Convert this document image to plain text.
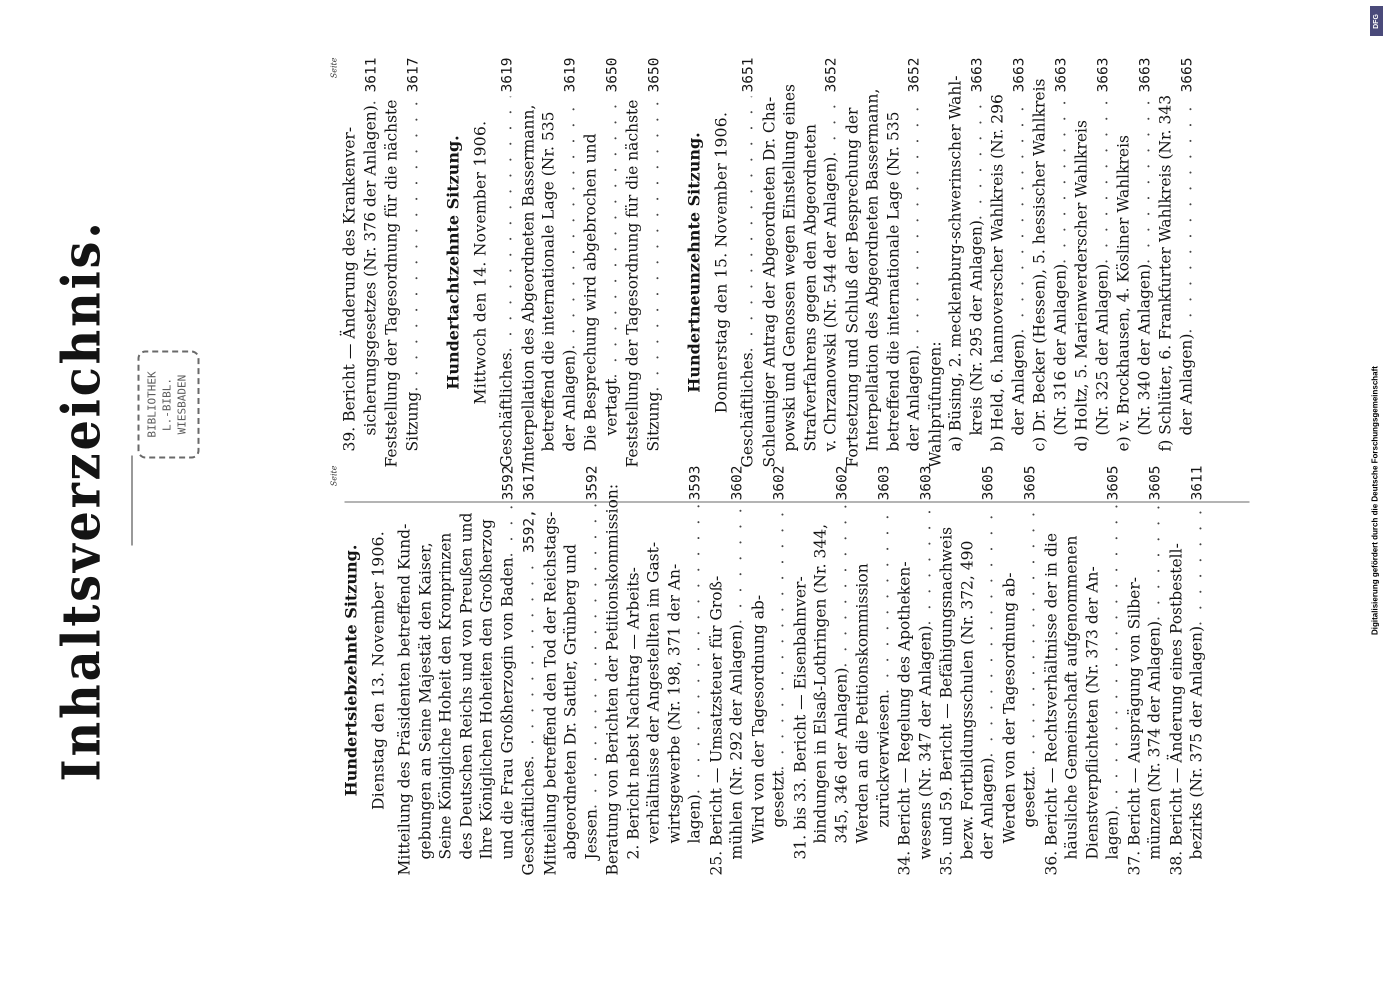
Inhaltsverzeichnis.	BIBLIOTHEK L.-BIBL. WIESBADEN
Seite
Hundertsiebzehnte Sitzung. Dienstag den 13. November 1906. Mitteilung des Präsidenten betreffend Kund- gebungen an Seine Majestät den Kaiser, Seine Königliche Hoheit den Kronprinzen des Deutschen Reichs und von Preußen und Ihre Königlichen Hoheiten den Großherzog und die Frau Großherzogin von Baden
. . .
3592
Geschäftliches
. . .
3592, 3617
Mitteilung betreffend den Tod der Reichstags- abgeordneten Dr. Sattler, Grünberg und Jessen
. . .
3592
Beratung von Berichten der Petitionskommission: 2. Bericht nebst Nachtrag — Arbeits- verhältnisse der Angestellten im Gast- wirtsgewerbe (Nr. 198, 371 der An- lagen)
. . .
3593
25. Bericht — Umsatzsteuer für Groß- mühlen (Nr. 292 der Anlagen)
. . .
3602
Wird von der Tagesordnung ab- gesetzt
. . .
3602
31. bis 33. Bericht — Eisenbahnver- bindungen in Elsaß-Lothringen (Nr. 344, 345, 346 der Anlagen)
. . .
3602
Werden an die Petitionskommission zurückverwiesen
. . .
3603
34. Bericht — Regelung des Apotheken- wesens (Nr. 347 der Anlagen)
. . .
3603
35. und 59. Bericht — Befähigungsnachweis bezw. Fortbildungsschulen (Nr. 372, 490 der Anlagen)
. . .
3605
Werden von der Tagesordnung ab- gesetzt
. . .
3605
36. Bericht — Rechtsverhältnisse der in die häusliche Gemeinschaft aufgenommenen Dienstverpflichteten (Nr. 373 der An- lagen)
. . .
3605
37. Bericht — Ausprägung von Silber- münzen (Nr. 374 der Anlagen)
. . .
3605
38. Bericht — Änderung eines Postbestell- bezirks (Nr. 375 der Anlagen)
. . .
3611
Seite
39. Bericht — Änderung des Krankenver- sicherungsgesetzes (Nr. 376 der Anlagen)
. . .
3611
Feststellung der Tagesordnung für die nächste Sitzung
. . .
3617
Hundertachtzehnte Sitzung. Mittwoch den 14. November 1906.
Geschäftliches
. . .
3619
Interpellation des Abgeordneten Bassermann, betreffend die internationale Lage (Nr. 535 der Anlagen)
. . .
3619
Die Besprechung wird abgebrochen und vertagt
. . .
3650
Feststellung der Tagesordnung für die nächste Sitzung
. . .
3650
Hundertneunzehnte Sitzung. Donnerstag den 15. November 1906. Geschäftliches
. . .
3651
Schleuniger Antrag der Abgeordneten Dr. Cha- powski und Genossen wegen Einstellung eines Strafverfahrens gegen den Abgeordneten v. Chrzanowski (Nr. 544 der Anlagen)
. . .
3652
Fortsetzung und Schluß der Besprechung der Interpellation des Abgeordneten Bassermann, betreffend die internationale Lage (Nr. 535 der Anlagen)
. . .
3652
Wahlprüfungen: a) Büsing, 2. mecklenburg-schwerinscher Wahl- kreis (Nr. 295 der Anlagen)
. . .
3663
b) Held, 6. hannoverscher Wahlkreis (Nr. 296 der Anlagen)
. . .
3663
c) Dr. Becker (Hessen), 5. hessischer Wahlkreis (Nr. 316 der Anlagen)
. . .
3663
d) Holtz, 5. Marienwerderscher Wahlkreis (Nr. 325 der Anlagen)
. . .
3663
e) v. Brockhausen, 4. Kösliner Wahlkreis (Nr. 340 der Anlagen)
. . .
3663
f) Schlüter, 6. Frankfurter Wahlkreis (Nr. 343 der Anlagen)
. . .
3665
Digitalisierung gefördert durch die Deutsche Forschungsgemeinschaft
DFG
